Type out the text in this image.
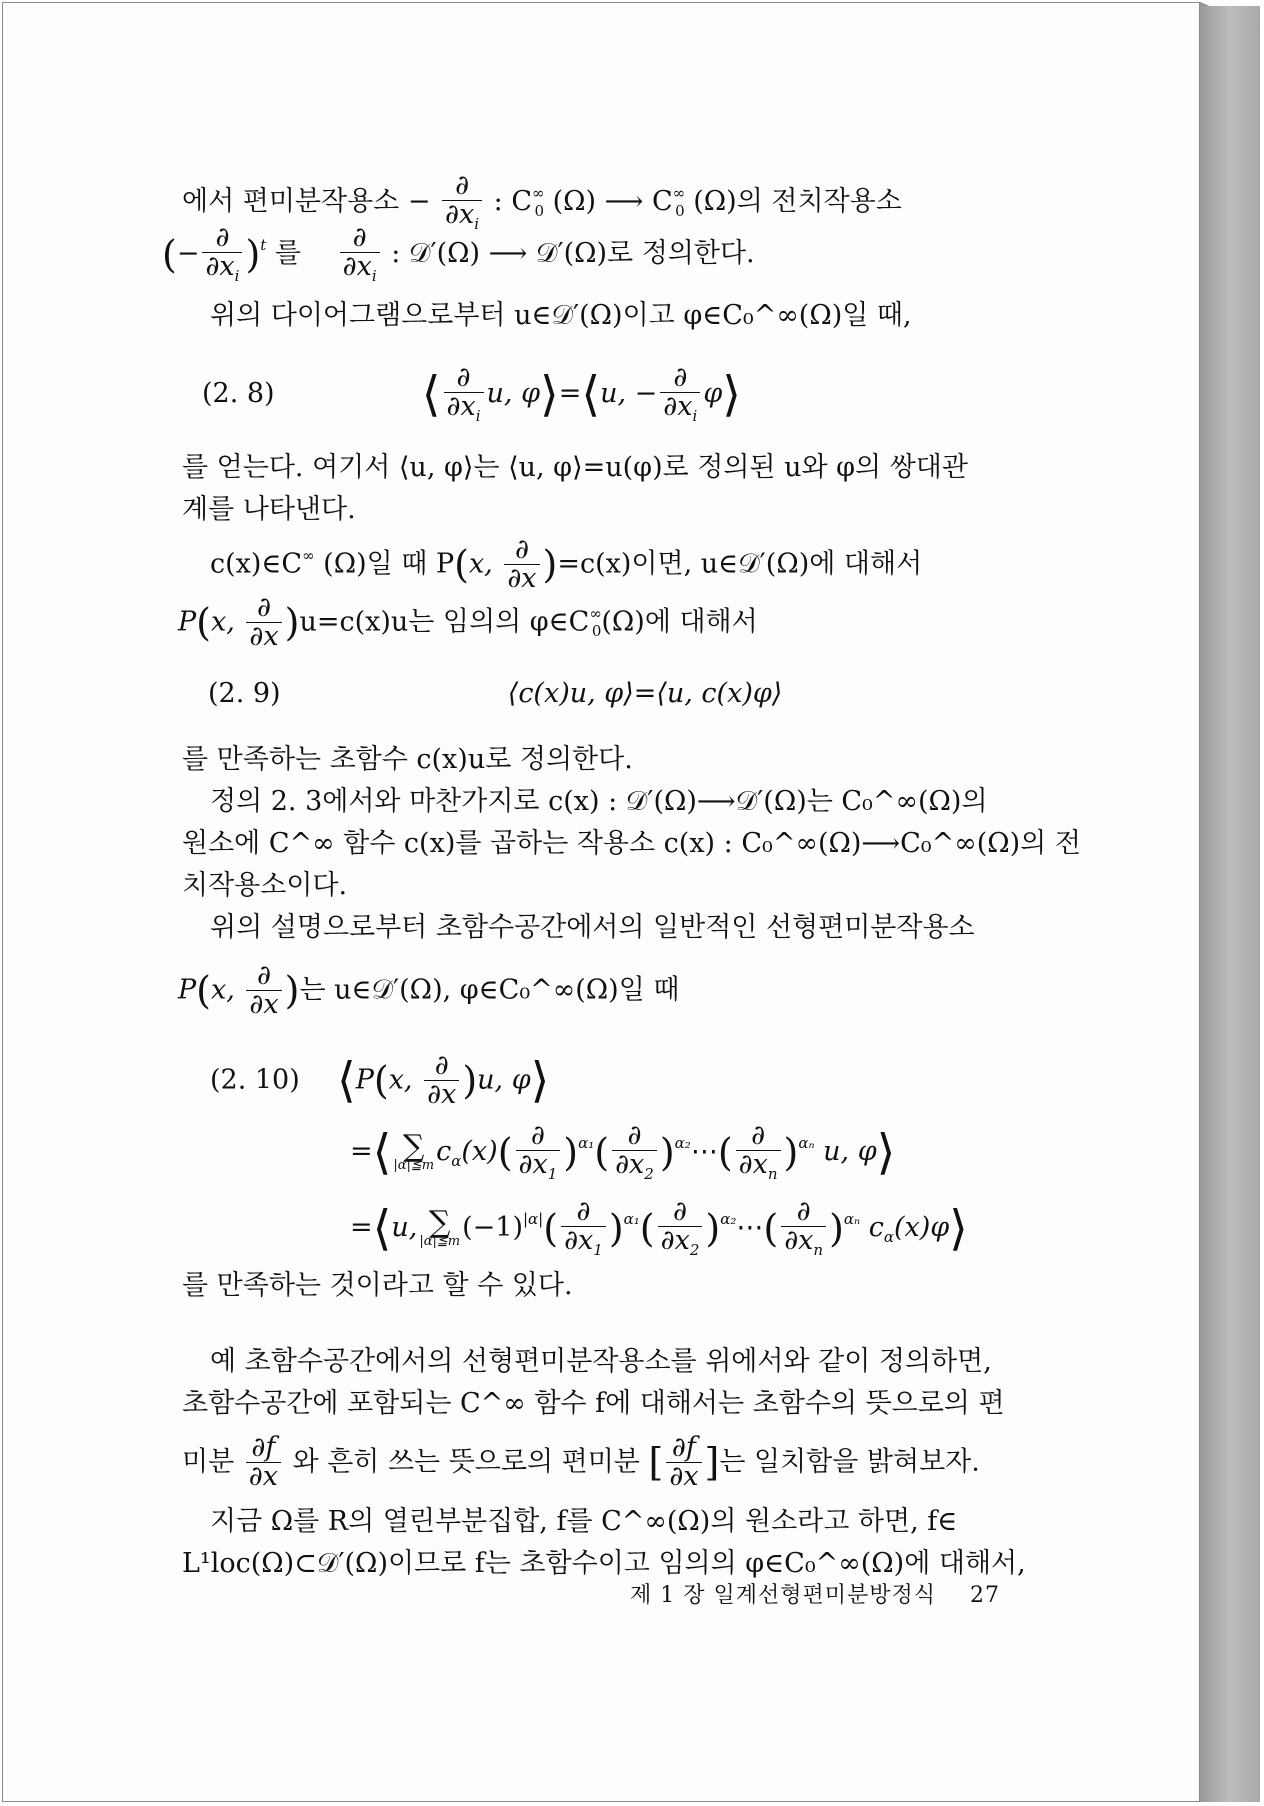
에서 편미분작용소 − $\frac{\partial}{\partial x_i}$ : $C^\infty_0$ (Ω) ⟶ $C^\infty_0$ (Ω)의 전치작용소
(− $\frac{\partial}{\partial x_i} )^t$ 를 $\frac{\partial}{\partial x_i}$ : 𝒟′(Ω) ⟶ 𝒟′(Ω)로 정의한다.
위의 다이어그램으로부터 u∈𝒟′(Ω)이고 φ∈C₀^∞(Ω)일 때,
(2. 8)	⟨ $\frac{\partial}{\partial x_i} u$, φ⟩=⟨u, − $\frac{\partial}{\partial x_i}$ φ⟩
를 얻는다. 여기서 ⟨u, φ⟩는 ⟨u, φ⟩=u(φ)로 정의된 u와 φ의 쌍대관
계를 나타낸다.
c(x)∈C∞ (Ω)일 때 P(x, $\frac{\partial}{\partial x} )=c(x)$이면, u∈𝒟′(Ω)에 대해서
P(x, $\frac{\partial}{\partial x} )u=c(x)u$는 임의의 $\varphi\in C^\infty_0(\Omega)$에 대해서
(2. 9)	⟨c(x)u, φ⟩=⟨u, c(x)φ⟩
를 만족하는 초함수 c(x)u로 정의한다.
정의 2. 3에서와 마찬가지로 c(x) : 𝒟′(Ω)⟶𝒟′(Ω)는 C₀^∞(Ω)의
원소에 C^∞ 함수 c(x)를 곱하는 작용소 c(x) : C₀^∞(Ω)⟶C₀^∞(Ω)의 전
치작용소이다.
위의 설명으로부터 초함수공간에서의 일반적인 선형편미분작용소
P(x, $\frac{\partial}{\partial x}$ )는 u∈𝒟′(Ω), φ∈C₀^∞(Ω)일 때
(2. 10) ⟨P(x, $\frac{\partial}{\partial x} )u$, φ⟩
=⟨ ∑
|α|≦m $c_\alpha(x)( \frac{\partial}{\partial x_1} )^{\alpha_1}( \frac{\partial}{\partial x_2}$ )$^{\alpha_2}\cdots( \frac{\partial}{\partial x_n} )^{\alpha_n}$ u, φ⟩
=⟨u, ∑
|α|≦m $(-1)^{|\alpha|}( \frac{\partial}{\partial x_1} )^{\alpha_1}( \frac{\partial}{\partial x_2}$ )$^{\alpha_2}\cdots( \frac{\partial}{\partial x_n} )^{\alpha_n}$ $c_\alpha(x)\varphi⟩$
를 만족하는 것이라고 할 수 있다.
예 초함수공간에서의 선형편미분작용소를 위에서와 같이 정의하면,
초함수공간에 포함되는 C^∞ 함수 f에 대해서는 초함수의 뜻으로의 편
미분 $\frac{\partial f}{\partial x}$ 와 흔히 쓰는 뜻으로의 편미분 [ $\frac{\partial f}{\partial x}$ ]는 일치함을 밝혀보자.
지금 Ω를 R의 열린부분집합, f를 C^∞(Ω)의 원소라고 하면, f∈
L¹loc(Ω)⊂𝒟′(Ω)이므로 f는 초함수이고 임의의 φ∈C₀^∞(Ω)에 대해서,
제 1 장 일계선형편미분방정식 27
